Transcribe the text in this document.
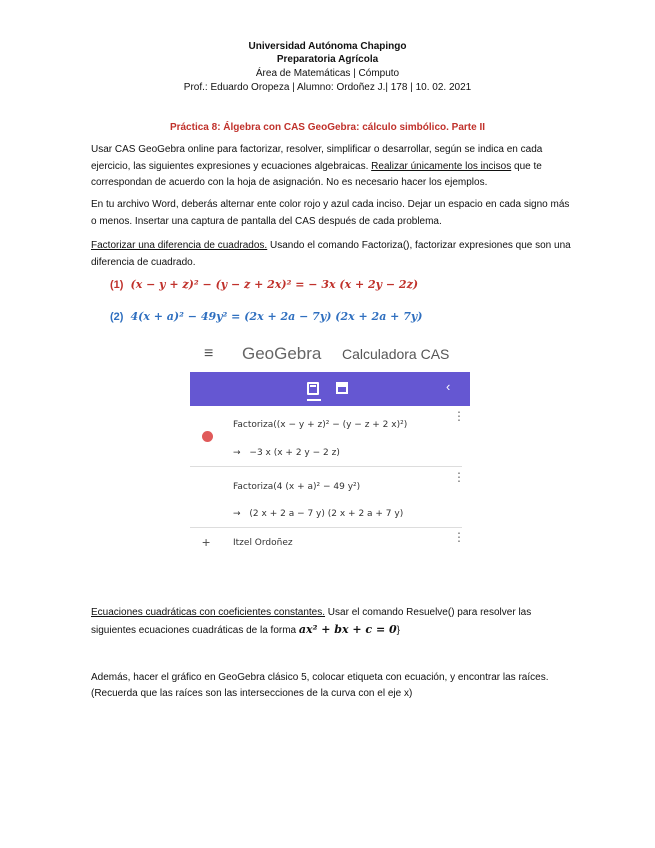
Universidad Autónoma Chapingo
Preparatoria Agrícola
Área de Matemáticas | Cómputo
Prof.: Eduardo Oropeza | Alumno: Ordoñez J.| 178 | 10. 02. 2021
Práctica 8: Álgebra con CAS GeoGebra: cálculo simbólico. Parte II
Usar CAS GeoGebra online para factorizar, resolver, simplificar o desarrollar, según se indica en cada ejercicio, las siguientes expresiones y ecuaciones algebraicas. Realizar únicamente los incisos que te correspondan de acuerdo con la hoja de asignación. No es necesario hacer los ejemplos.
En tu archivo Word, deberás alternar ente color rojo y azul cada inciso. Dejar un espacio en cada signo más o menos. Insertar una captura de pantalla del CAS después de cada problema.
Factorizar una diferencia de cuadrados. Usando el comando Factoriza(), factorizar expresiones que son una diferencia de cuadrado.
(1) (x − y + z)² − (y − z + 2x)² = − 3x (x + 2y − 2z)
(2) 4(x + a)² − 49y² = (2x + 2a − 7y) (2x + 2a + 7y)
≡ GeoGebra Calculadora CAS
‹
Factoriza((x − y + z)² − (y − z + 2 x)²)
→ −3 x (x + 2 y − 2 z)
⋮
Factoriza(4 (x + a)² − 49 y²)
→ (2 x + 2 a − 7 y) (2 x + 2 a + 7 y)
⋮
+	Itzel Ordoñez	⋮
Ecuaciones cuadráticas con coeficientes constantes. Usar el comando Resuelve() para resolver las siguientes ecuaciones cuadráticas de la forma ax² + bx + c = 0}
Además, hacer el gráfico en GeoGebra clásico 5, colocar etiqueta con ecuación, y encontrar las raíces.
(Recuerda que las raíces son las intersecciones de la curva con el eje x)
